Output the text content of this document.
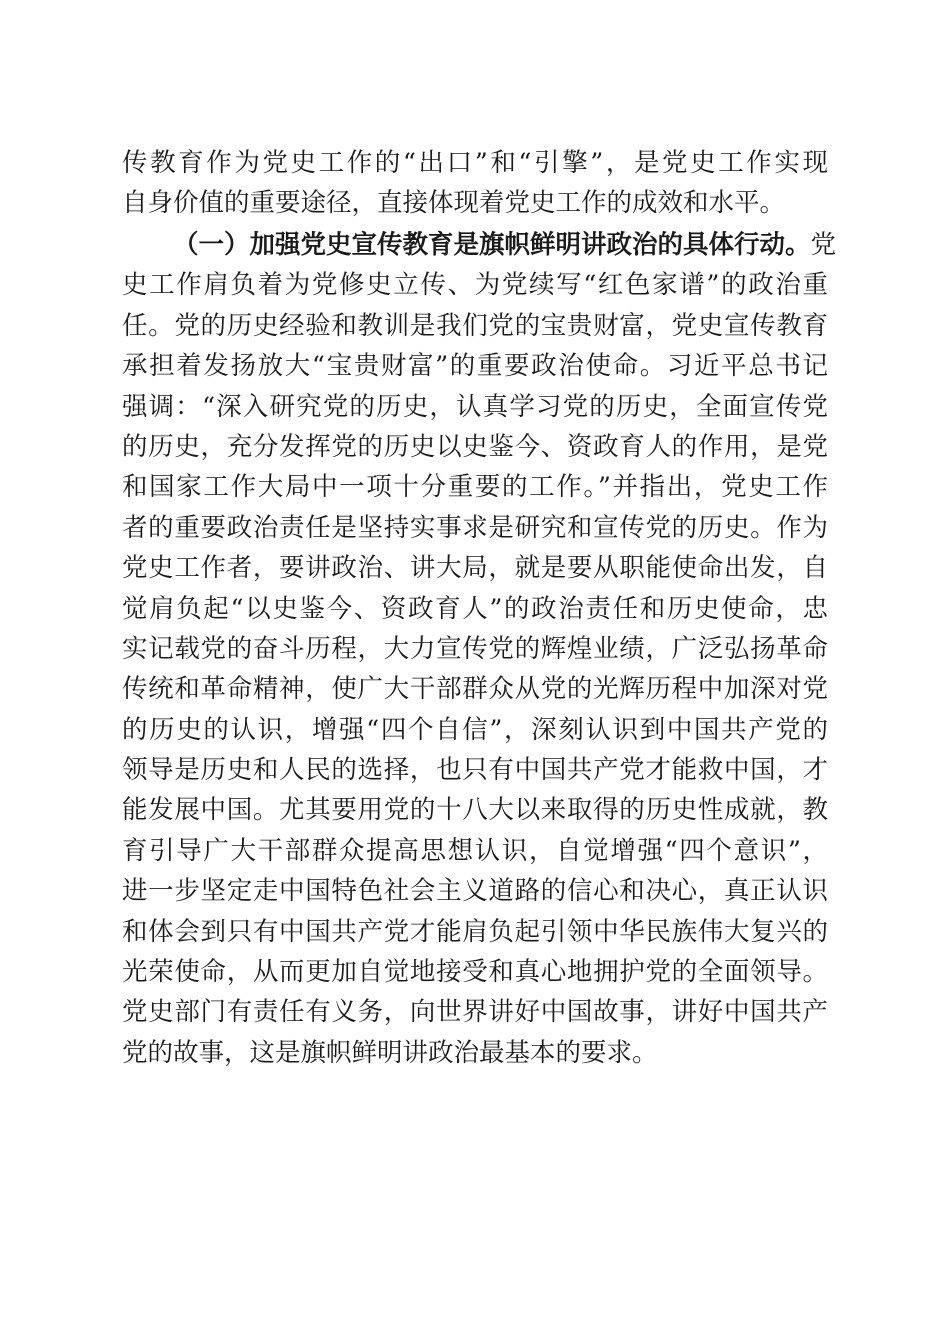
传教育作为党史工作的“出口”和“引擎”，是党史工作实现
自身价值的重要途径，直接体现着党史工作的成效和水平。
（一）加强党史宣传教育是旗帜鲜明讲政治的具体行动。党
史工作肩负着为党修史立传、为党续写“红色家谱”的政治重
任。党的历史经验和教训是我们党的宝贵财富，党史宣传教育
承担着发扬放大“宝贵财富”的重要政治使命。习近平总书记
强调：“深入研究党的历史，认真学习党的历史，全面宣传党
的历史，充分发挥党的历史以史鉴今、资政育人的作用，是党
和国家工作大局中一项十分重要的工作。”并指出，党史工作
者的重要政治责任是坚持实事求是研究和宣传党的历史。作为
党史工作者，要讲政治、讲大局，就是要从职能使命出发，自
觉肩负起“以史鉴今、资政育人”的政治责任和历史使命，忠
实记载党的奋斗历程，大力宣传党的辉煌业绩，广泛弘扬革命
传统和革命精神，使广大干部群众从党的光辉历程中加深对党
的历史的认识，增强“四个自信”，深刻认识到中国共产党的
领导是历史和人民的选择，也只有中国共产党才能救中国，才
能发展中国。尤其要用党的十八大以来取得的历史性成就，教
育引导广大干部群众提高思想认识，自觉增强“四个意识”，
进一步坚定走中国特色社会主义道路的信心和决心，真正认识
和体会到只有中国共产党才能肩负起引领中华民族伟大复兴的
光荣使命，从而更加自觉地接受和真心地拥护党的全面领导。
党史部门有责任有义务，向世界讲好中国故事，讲好中国共产
党的故事，这是旗帜鲜明讲政治最基本的要求。
